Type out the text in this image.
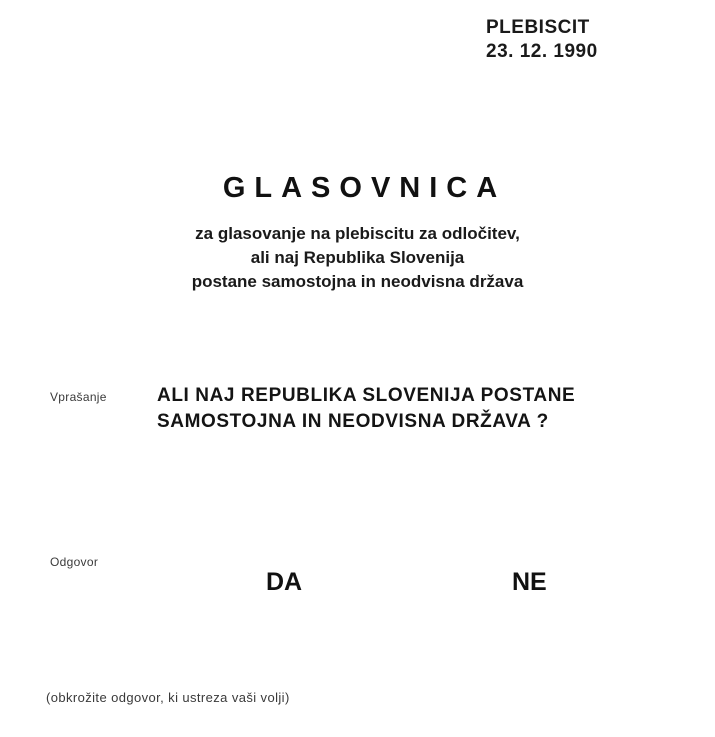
PLEBISCIT
23. 12. 1990
GLASOVNICA
za glasovanje na plebiscitu za odločitev,
ali naj Republika Slovenija
postane samostojna in neodvisna država
Vprašanje	ALI NAJ REPUBLIKA SLOVENIJA POSTANE
SAMOSTOJNA IN NEODVISNA DRŽAVA ?
Odgovor
DA	NE
(obkrožite odgovor, ki ustreza vaši volji)
